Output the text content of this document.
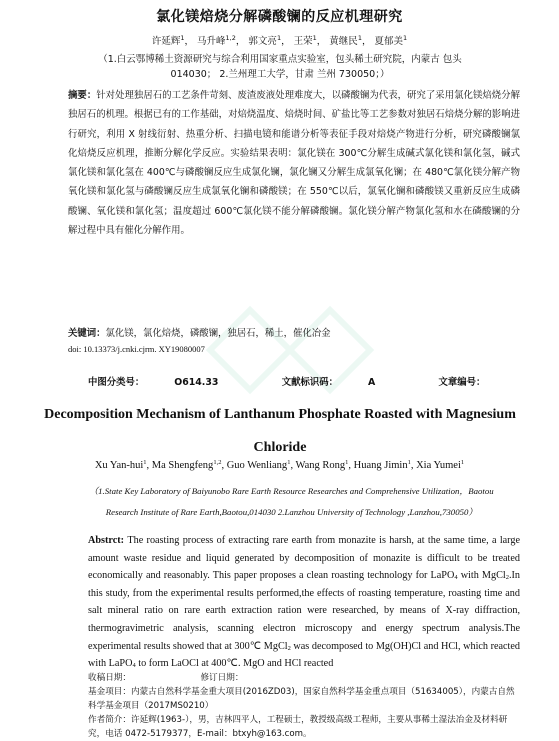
氯化镁焙烧分解磷酸镧的反应机理研究
许延辉$^1$， 马升峰$^{1,2}$， 郭文亮$^1$， 王荣$^1$， 黄继民$^1$， 夏郁美$^1$
（1.白云鄂博稀土资源研究与综合利用国家重点实验室，包头稀土研究院，内蒙古 包头
014030； 2.兰州理工大学，甘肃 兰州 730050；）
摘要：针对处理独居石的工艺条件苛刻、废渣废液处理难度大，以磷酸镧为代表，研究了采用氯化镁焙烧分解独居石的机理。根据已有的工作基础，对焙烧温度、焙烧时间、矿盐比等工艺参数对独居石焙烧分解的影响进行研究，利用 X 射线衍射、热重分析、扫描电镜和能谱分析等表征手段对焙烧产物进行分析，研究磷酸镧氯化焙烧反应机理，推断分解化学反应。实验结果表明：氯化镁在 300℃分解生成碱式氯化镁和氯化氢，碱式氯化镁和氯化氢在 400℃与磷酸镧反应生成氯化镧，氯化镧又分解生成氯氧化镧；在 480℃氯化镁分解产物氧化镁和氯化氢与磷酸镧反应生成氯氧化镧和磷酸镁；在 550℃以后，氯氧化镧和磷酸镁又重新反应生成磷酸镧、氧化镁和氯化氢；温度超过 600℃氯化镁不能分解磷酸镧。氯化镁分解产物氯化氢和水在磷酸镧的分解过程中具有催化分解作用。
关键词：氯化镁，氯化焙烧，磷酸镧，独居石，稀土，催化冶金
doi: 10.13373/j.cnki.cjrm. XY19080007
中图分类号：	O614.33	文献标识码：	A	文章编号：
Decomposition Mechanism of Lanthanum Phosphate Roasted with Magnesium Chloride
Xu Yan-hui$^1$, Ma Shengfeng$^{1,2}$, Guo Wenliang$^1$, Wang Rong$^1$, Huang Jimin$^1$, Xia Yumei$^1$
（1.State Key Laboratory of Baiyunobo Rare Earth Resource Researches and Comprehensive Utilization，Baotou Research Institute of Rare Earth,Baotou,014030 2.Lanzhou University of Technology ,Lanzhou,730050）
Abstrct: The roasting process of extracting rare earth from monazite is harsh, at the same time, a large amount waste residue and liquid generated by decomposition of monazite is difficult to be treated economically and reasonably. This paper proposes a clean roasting technology for LaPO$_4$ with MgCl$_2$.In this study, from the experimental results performed,the effects of roasting temperature, roasting time and salt mineral ratio on rare earth extraction ration were researched, by means of X-ray diffraction, thermogravimetric analysis, scanning electron microscopy and energy spectrum analysis.The experimental results showed that at 300℃ MgCl$_2$ was decomposed to Mg(OH)Cl and HCl, which reacted with LaPO$_4$ to form LaOCl at 400℃. MgO and HCl reacted
收稿日期：	修订日期：
基金项目：内蒙古自然科学基金重大项目(2016ZD03)，国家自然科学基金重点项目（51634005），内蒙古自然科学基金项目（2017MS0210）
作者简介：许延辉(1963-），男，吉林四平人，工程硕士，教授级高级工程师，主要从事稀土湿法冶金及材料研究，电话 0472-5179377，E-mail：btxyh@163.com。
